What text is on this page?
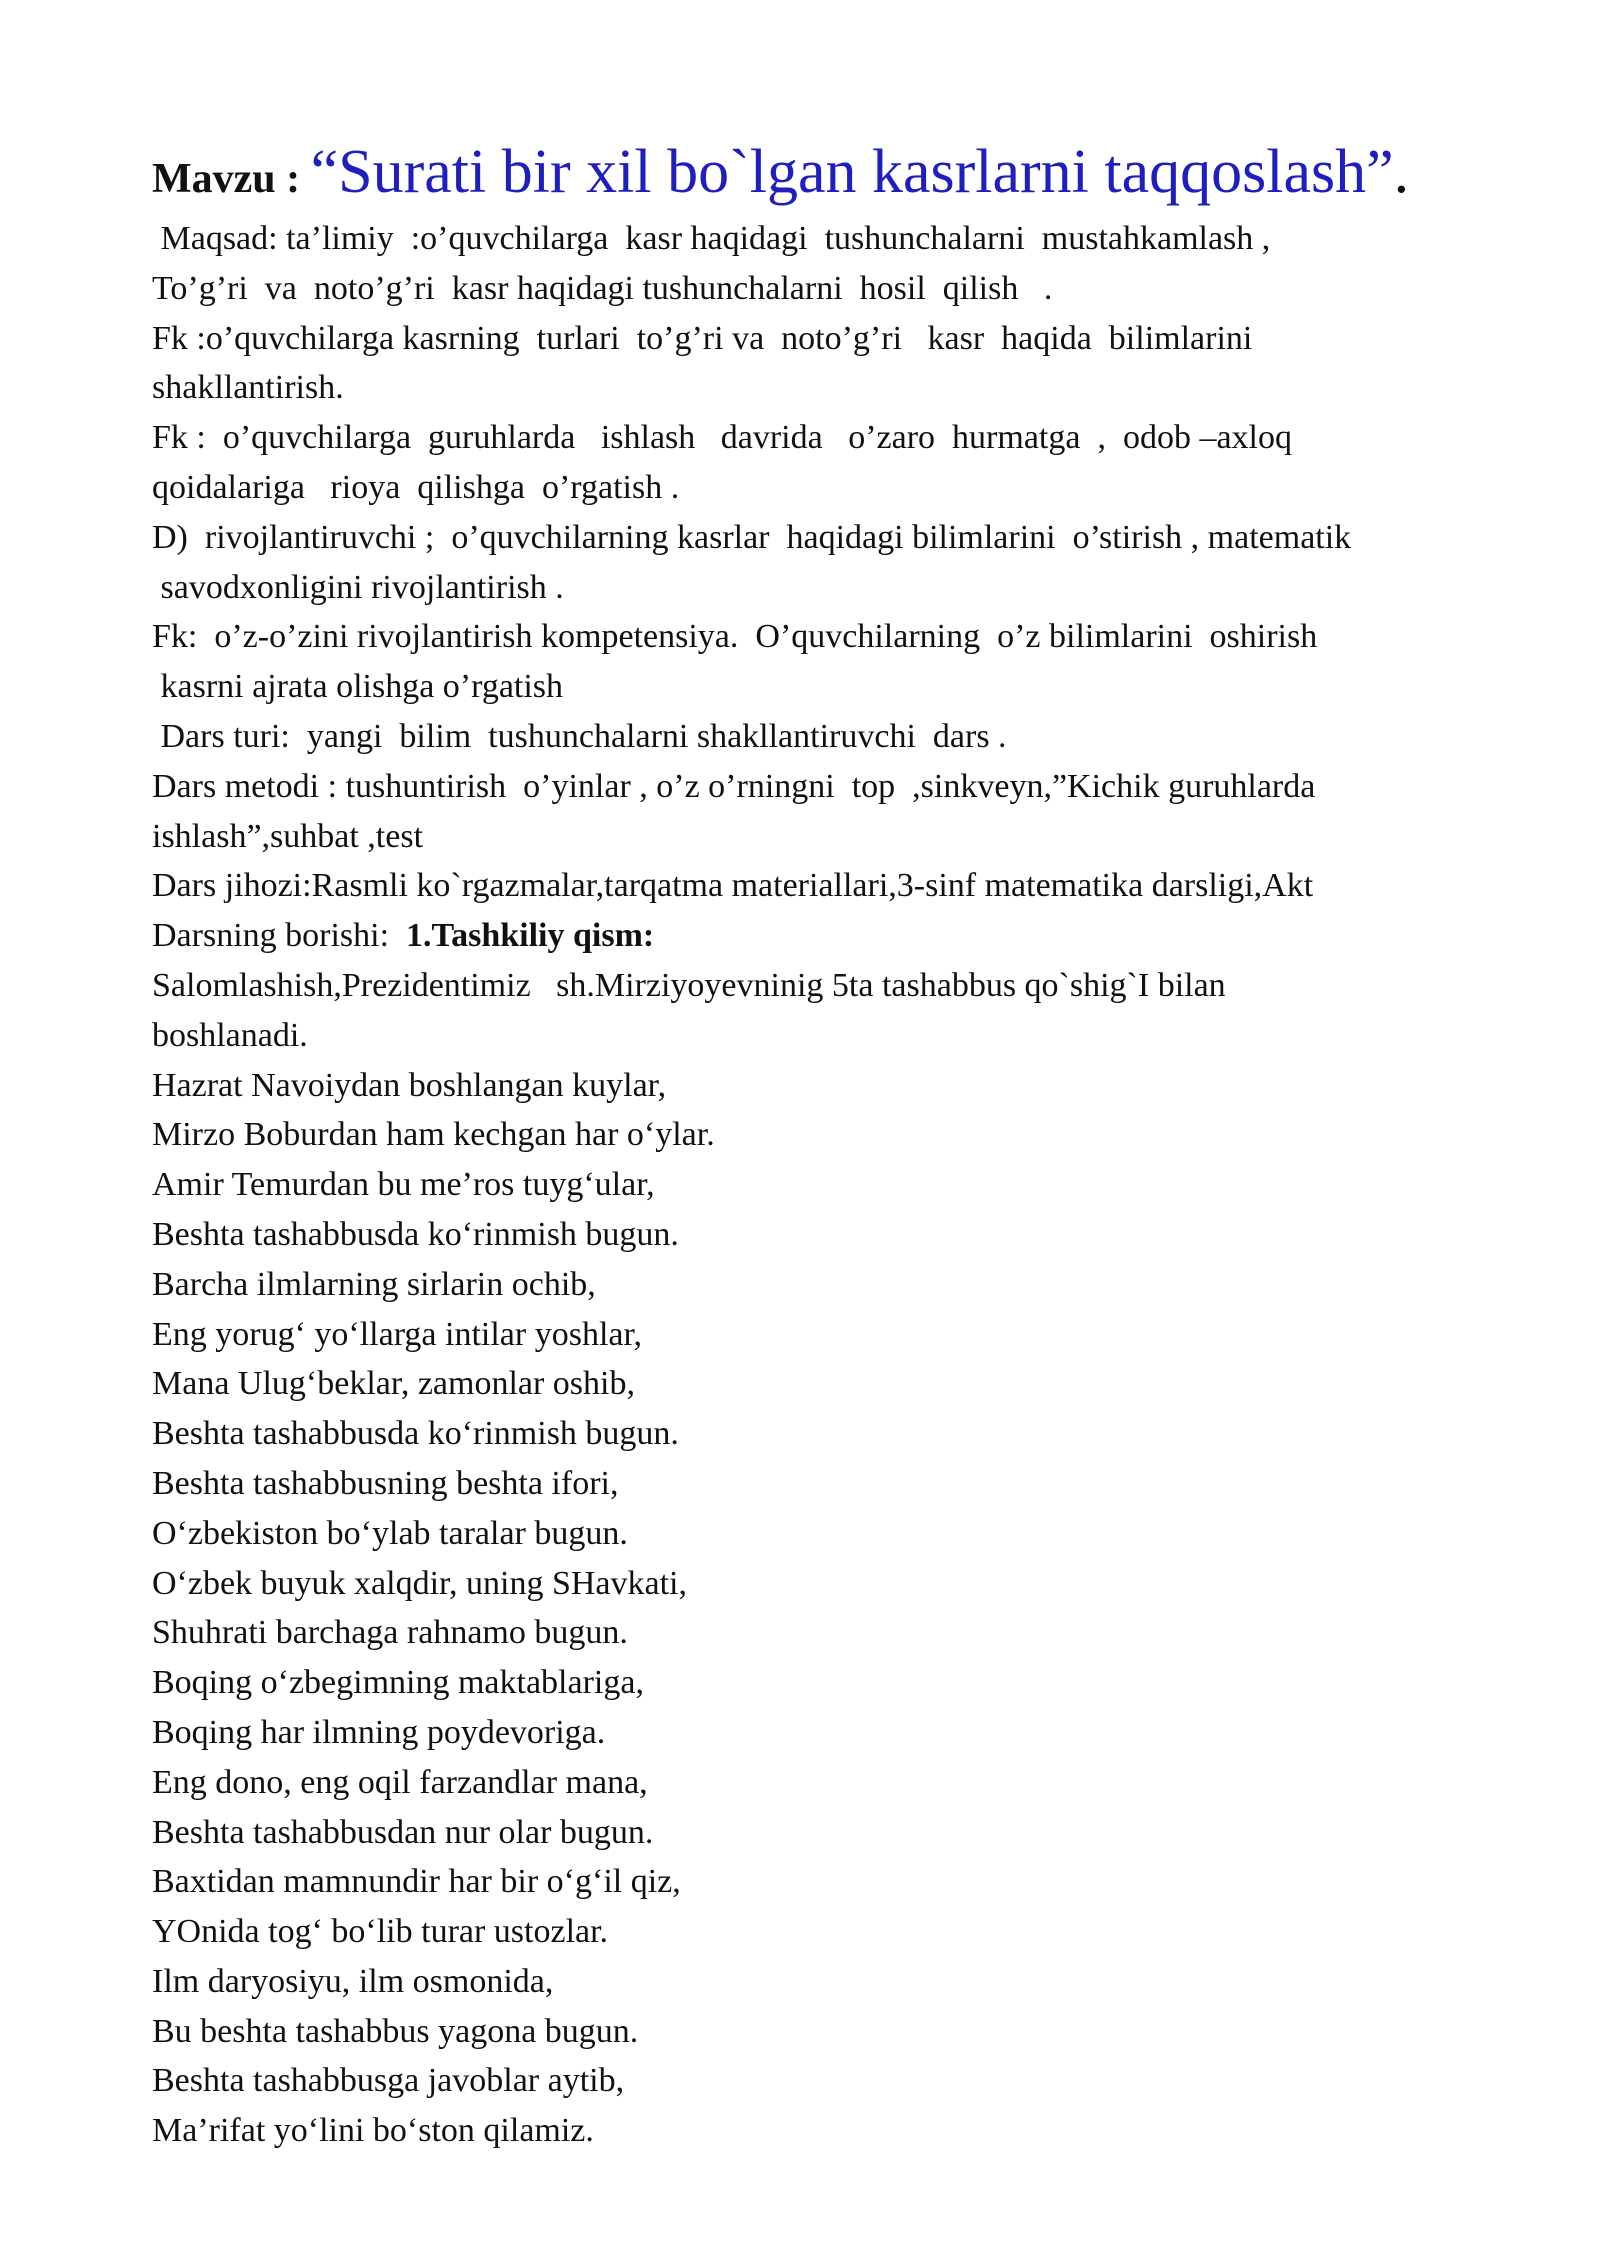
Mavzu : “Surati bir xil bo`lgan kasrlarni taqqoslash”.
Maqsad: ta’limiy  :o’quvchilarga  kasr haqidagi  tushunchalarni  mustahkamlash ,
To’g’ri  va  noto’g’ri  kasr haqidagi tushunchalarni  hosil  qilish   .
Fk :o’quvchilarga kasrning  turlari  to’g’ri va  noto’g’ri   kasr  haqida  bilimlarini
shakllantirish.
Fk :  o’quvchilarga  guruhlarda   ishlash   davrida   o’zaro  hurmatga  ,  odob –axloq
qoidalariga   rioya  qilishga  o’rgatish .
D)  rivojlantiruvchi ;  o’quvchilarning kasrlar  haqidagi bilimlarini  o’stirish , matematik
savodxonligini rivojlantirish .
Fk:  o’z-o’zini rivojlantirish kompetensiya.  O’quvchilarning  o’z bilimlarini  oshirish
kasrni ajrata olishga o’rgatish
Dars turi:  yangi  bilim  tushunchalarni shakllantiruvchi  dars .
Dars metodi : tushuntirish  o’yinlar , o’z o’rningni  top  ,sinkveyn,”Kichik guruhlarda
ishlash”,suhbat ,test
Dars jihozi:Rasmli ko`rgazmalar,tarqatma materiallari,3-sinf matematika darsligi,Akt
Darsning borishi:  1.Tashkiliy qism:
Salomlashish,Prezidentimiz   sh.Mirziyoyevninig 5ta tashabbus qo`shig`I bilan
boshlanadi.
Hazrat Navoiydan boshlangan kuylar,
Mirzo Boburdan ham kechgan har o‘ylar.
Amir Temurdan bu me’ros tuyg‘ular,
Beshta tashabbusda ko‘rinmish bugun.
Barcha ilmlarning sirlarin ochib,
Eng yorug‘ yo‘llarga intilar yoshlar,
Mana Ulug‘beklar, zamonlar oshib,
Beshta tashabbusda ko‘rinmish bugun.
Beshta tashabbusning beshta ifori,
O‘zbekiston bo‘ylab taralar bugun.
O‘zbek buyuk xalqdir, uning SHavkati,
Shuhrati barchaga rahnamo bugun.
Boqing o‘zbegimning maktablariga,
Boqing har ilmning poydevoriga.
Eng dono, eng oqil farzandlar mana,
Beshta tashabbusdan nur olar bugun.
Baxtidan mamnundir har bir o‘g‘il qiz,
YOnida tog‘ bo‘lib turar ustozlar.
Ilm daryosiyu, ilm osmonida,
Bu beshta tashabbus yagona bugun.
Beshta tashabbusga javoblar aytib,
Ma’rifat yo‘lini bo‘ston qilamiz.
